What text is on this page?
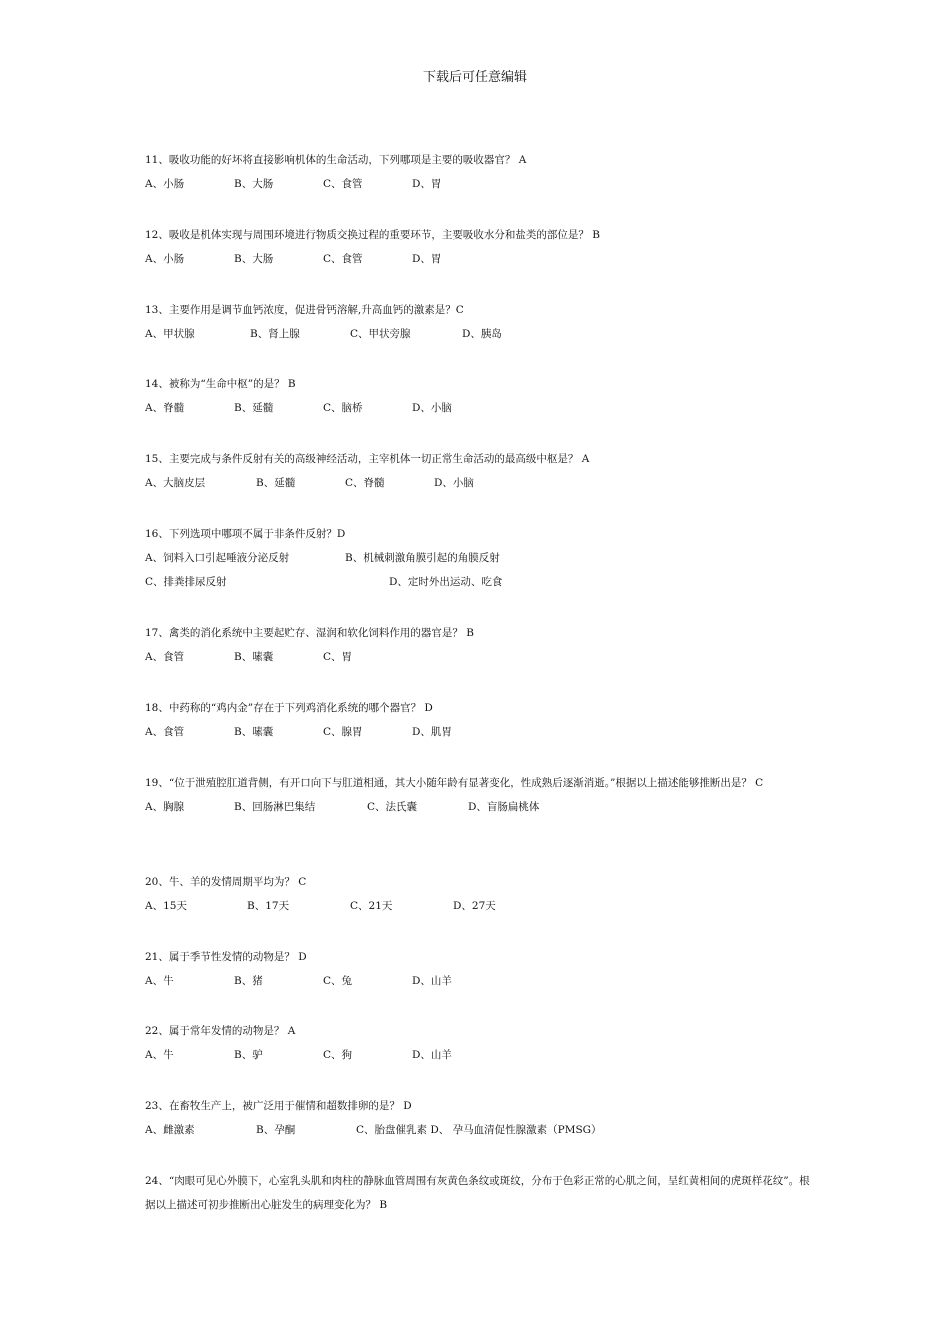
下载后可任意编辑
11、吸收功能的好坏将直接影响机体的生命活动，下列哪项是主要的吸收器官？ A
A、小肠	B、大肠	C、食管	D、胃
12、吸收是机体实现与周围环境进行物质交换过程的重要环节，主要吸收水分和盐类的部位是？ B
A、小肠	B、大肠	C、食管	D、胃
13、主要作用是调节血钙浓度，促进骨钙溶解,升高血钙的激素是？C
A、甲状腺	B、肾上腺	C、甲状旁腺	D、胰岛
14、被称为“生命中枢”的是？ B
A、脊髓	B、延髓	C、脑桥	D、小脑
15、主要完成与条件反射有关的高级神经活动，主宰机体一切正常生命活动的最高级中枢是？ A
A、大脑皮层	B、延髓	C、脊髓	D、小脑
16、下列选项中哪项不属于非条件反射？D
A、饲料入口引起唾液分泌反射	B、机械刺激角膜引起的角膜反射
C、排粪排尿反射	D、定时外出运动、吃食
17、禽类的消化系统中主要起贮存、湿润和软化饲料作用的器官是？ B
A、食管	B、嗉囊	C、胃
18、中药称的“鸡内金”存在于下列鸡消化系统的哪个器官？ D
A、食管	B、嗉囊	C、腺胃	D、肌胃
19、“位于泄殖腔肛道背侧，有开口向下与肛道相通，其大小随年龄有显著变化，性成熟后逐渐消逝。”根据以上描述能够推断出是？ C
A、胸腺	B、回肠淋巴集结	C、法氏囊	D、盲肠扁桃体
20、牛、羊的发情周期平均为？ C
A、15天	B、17天	C、21天	D、27天
21、属于季节性发情的动物是？ D
A、牛	B、猪	C、兔	D、山羊
22、属于常年发情的动物是？ A
A、牛	B、驴	C、狗	D、山羊
23、在畜牧生产上，被广泛用于催情和超数排卵的是？ D
A、雌激素	B、孕酮	C、胎盘催乳素 D、 孕马血清促性腺激素（PMSG）
24、“肉眼可见心外膜下，心室乳头肌和肉柱的静脉血管周围有灰黄色条纹或斑纹，分布于色彩正常的心肌之间，呈红黄相间的虎斑样花纹”。根据以上描述可初步推断出心脏发生的病理变化为？ B
